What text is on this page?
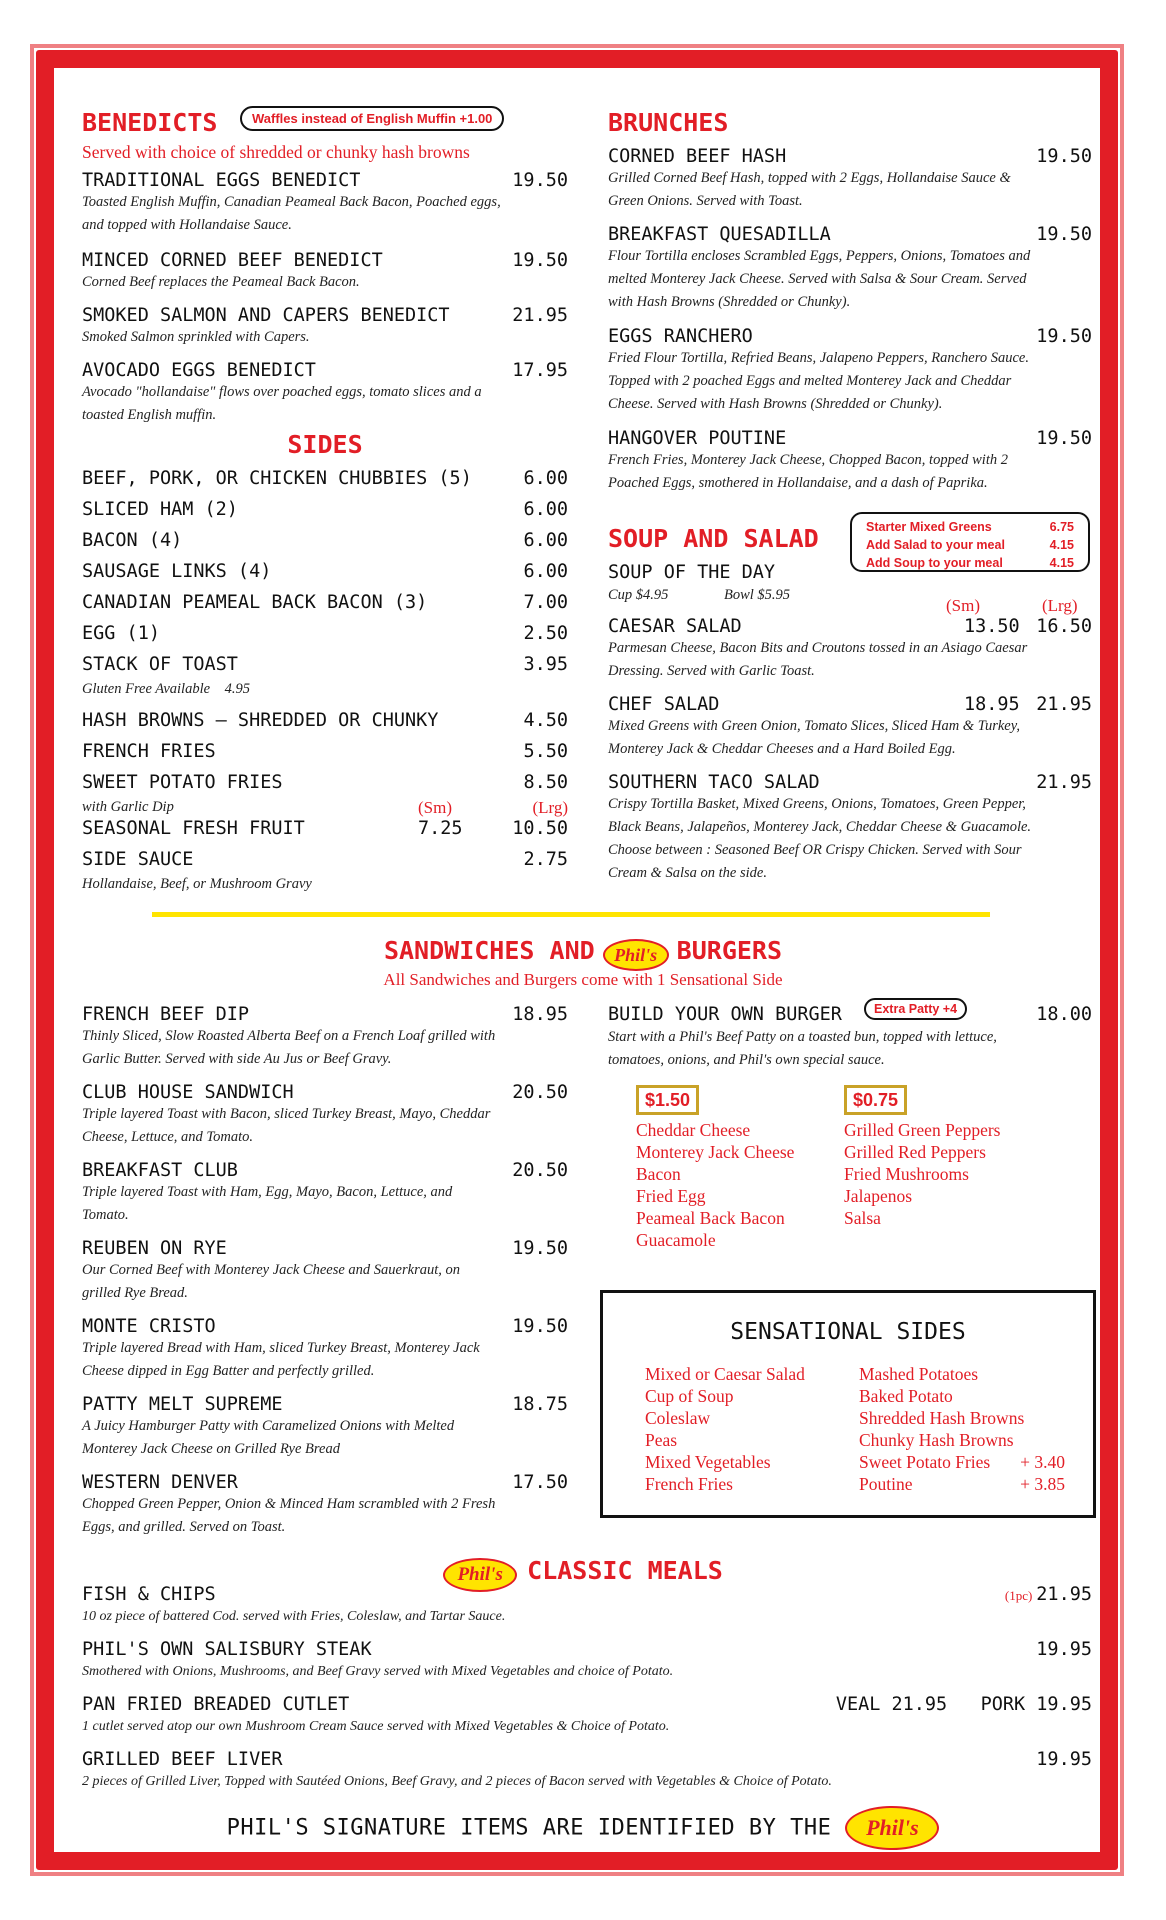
BENEDICTS	Waffles instead of English Muffin +1.00
Served with choice of shredded or chunky hash browns
TRADITIONAL EGGS BENEDICT	19.50
Toasted English Muffin, Canadian Peameal Back Bacon, Poached eggs, and topped with Hollandaise Sauce.
MINCED CORNED BEEF BENEDICT	19.50
Corned Beef replaces the Peameal Back Bacon.
SMOKED SALMON AND CAPERS BENEDICT	21.95
Smoked Salmon sprinkled with Capers.
AVOCADO EGGS BENEDICT	17.95
Avocado "hollandaise" flows over poached eggs, tomato slices and a toasted English muffin.
SIDES
BEEF, PORK, OR CHICKEN CHUBBIES (5)	6.00
SLICED HAM (2)	6.00
BACON (4)	6.00
SAUSAGE LINKS (4)	6.00
CANADIAN PEAMEAL BACK BACON (3)	7.00
EGG (1)	2.50
STACK OF TOAST	3.95
Gluten Free Available 4.95
HASH BROWNS – SHREDDED OR CHUNKY	4.50
FRENCH FRIES	5.50
SWEET POTATO FRIES	8.50
with Garlic Dip	(Sm)	(Lrg)
SEASONAL FRESH FRUIT	7.25	10.50
SIDE SAUCE	2.75
Hollandaise, Beef, or Mushroom Gravy
BRUNCHES
CORNED BEEF HASH	19.50
Grilled Corned Beef Hash, topped with 2 Eggs, Hollandaise Sauce & Green Onions. Served with Toast.
BREAKFAST QUESADILLA	19.50
Flour Tortilla encloses Scrambled Eggs, Peppers, Onions, Tomatoes and melted Monterey Jack Cheese. Served with Salsa & Sour Cream. Served with Hash Browns (Shredded or Chunky).
EGGS RANCHERO	19.50
Fried Flour Tortilla, Refried Beans, Jalapeno Peppers, Ranchero Sauce. Topped with 2 poached Eggs and melted Monterey Jack and Cheddar Cheese. Served with Hash Browns (Shredded or Chunky).
HANGOVER POUTINE	19.50
French Fries, Monterey Jack Cheese, Chopped Bacon, topped with 2 Poached Eggs, smothered in Hollandaise, and a dash of Paprika.
SOUP AND SALAD	Starter Mixed Greens	6.75
Add Salad to your meal	4.15
Add Soup to your meal	4.15
SOUP OF THE DAY
Cup $4.95	Bowl $5.95
(Sm)	(Lrg)
CAESAR SALAD	13.50 16.50
Parmesan Cheese, Bacon Bits and Croutons tossed in an Asiago Caesar Dressing. Served with Garlic Toast.
CHEF SALAD	18.95 21.95
Mixed Greens with Green Onion, Tomato Slices, Sliced Ham & Turkey, Monterey Jack & Cheddar Cheeses and a Hard Boiled Egg.
SOUTHERN TACO SALAD	21.95
Crispy Tortilla Basket, Mixed Greens, Onions, Tomatoes, Green Pepper, Black Beans, Jalapeños, Monterey Jack, Cheddar Cheese & Guacamole. Choose between : Seasoned Beef OR Crispy Chicken. Served with Sour Cream & Salsa on the side.
SANDWICHES AND Phil's BURGERS
All Sandwiches and Burgers come with 1 Sensational Side
FRENCH BEEF DIP	18.95
Thinly Sliced, Slow Roasted Alberta Beef on a French Loaf grilled with Garlic Butter. Served with side Au Jus or Beef Gravy.
CLUB HOUSE SANDWICH	20.50
Triple layered Toast with Bacon, sliced Turkey Breast, Mayo, Cheddar Cheese, Lettuce, and Tomato.
BREAKFAST CLUB	20.50
Triple layered Toast with Ham, Egg, Mayo, Bacon, Lettuce, and Tomato.
REUBEN ON RYE	19.50
Our Corned Beef with Monterey Jack Cheese and Sauerkraut, on grilled Rye Bread.
MONTE CRISTO	19.50
Triple layered Bread with Ham, sliced Turkey Breast, Monterey Jack Cheese dipped in Egg Batter and perfectly grilled.
PATTY MELT SUPREME	18.75
A Juicy Hamburger Patty with Caramelized Onions with Melted Monterey Jack Cheese on Grilled Rye Bread
WESTERN DENVER	17.50
Chopped Green Pepper, Onion & Minced Ham scrambled with 2 Fresh Eggs, and grilled. Served on Toast.
BUILD YOUR OWN BURGER	Extra Patty +4	18.00
Start with a Phil's Beef Patty on a toasted bun, topped with lettuce, tomatoes, onions, and Phil's own special sauce.
$1.50
Cheddar Cheese
Monterey Jack Cheese
Bacon
Fried Egg
Peameal Back Bacon
Guacamole
$0.75
Grilled Green Peppers
Grilled Red Peppers
Fried Mushrooms
Jalapenos
Salsa
SENSATIONAL SIDES
Mixed or Caesar Salad
Cup of Soup
Coleslaw
Peas
Mixed Vegetables
French Fries
Mashed Potatoes
Baked Potato
Shredded Hash Browns
Chunky Hash Browns
Sweet Potato Fries + 3.40
Poutine	+ 3.85
Phil's CLASSIC MEALS
FISH & CHIPS	(1pc) 21.95
10 oz piece of battered Cod. served with Fries, Coleslaw, and Tartar Sauce.
PHIL'S OWN SALISBURY STEAK	19.95
Smothered with Onions, Mushrooms, and Beef Gravy served with Mixed Vegetables and choice of Potato.
PAN FRIED BREADED CUTLET	VEAL 21.95   PORK 19.95
1 cutlet served atop our own Mushroom Cream Sauce served with Mixed Vegetables & Choice of Potato.
GRILLED BEEF LIVER	19.95
2 pieces of Grilled Liver, Topped with Sautéed Onions, Beef Gravy, and 2 pieces of Bacon served with Vegetables & Choice of Potato.
PHIL'S SIGNATURE ITEMS ARE IDENTIFIED BY THE Phil's
